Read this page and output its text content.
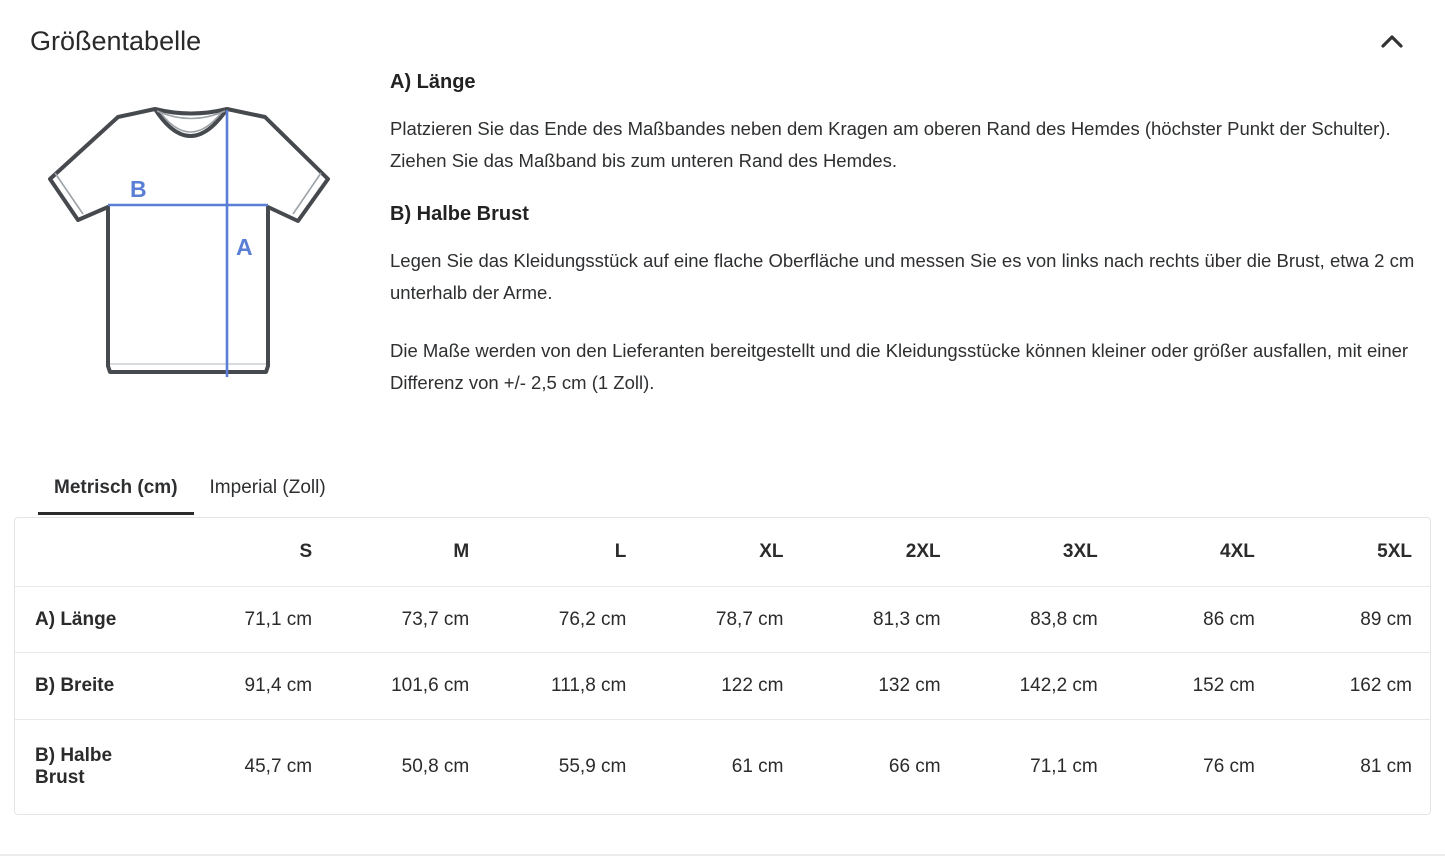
Größentabelle
B
A
A) Länge

Platzieren Sie das Ende des Maßbandes neben dem Kragen am oberen Rand des Hemdes (höchster Punkt der Schulter). Ziehen Sie das Maßband bis zum unteren Rand des Hemdes.

B) Halbe Brust

Legen Sie das Kleidungsstück auf eine flache Oberfläche und messen Sie es von links nach rechts über die Brust, etwa 2 cm unterhalb der Arme.

Die Maße werden von den Lieferanten bereitgestellt und die Kleidungsstücke können kleiner oder größer ausfallen, mit einer Differenz von +/- 2,5 cm (1 Zoll).

Metrisch (cm)	Imperial (Zoll)
	S	M	L	XL	2XL	3XL	4XL	5XL
A) Länge	71,1 cm	73,7 cm	76,2 cm	78,7 cm	81,3 cm	83,8 cm	86 cm	89 cm
B) Breite	91,4 cm	101,6 cm	111,8 cm	122 cm	132 cm	142,2 cm	152 cm	162 cm
B) Halbe Brust	45,7 cm	50,8 cm	55,9 cm	61 cm	66 cm	71,1 cm	76 cm	81 cm
